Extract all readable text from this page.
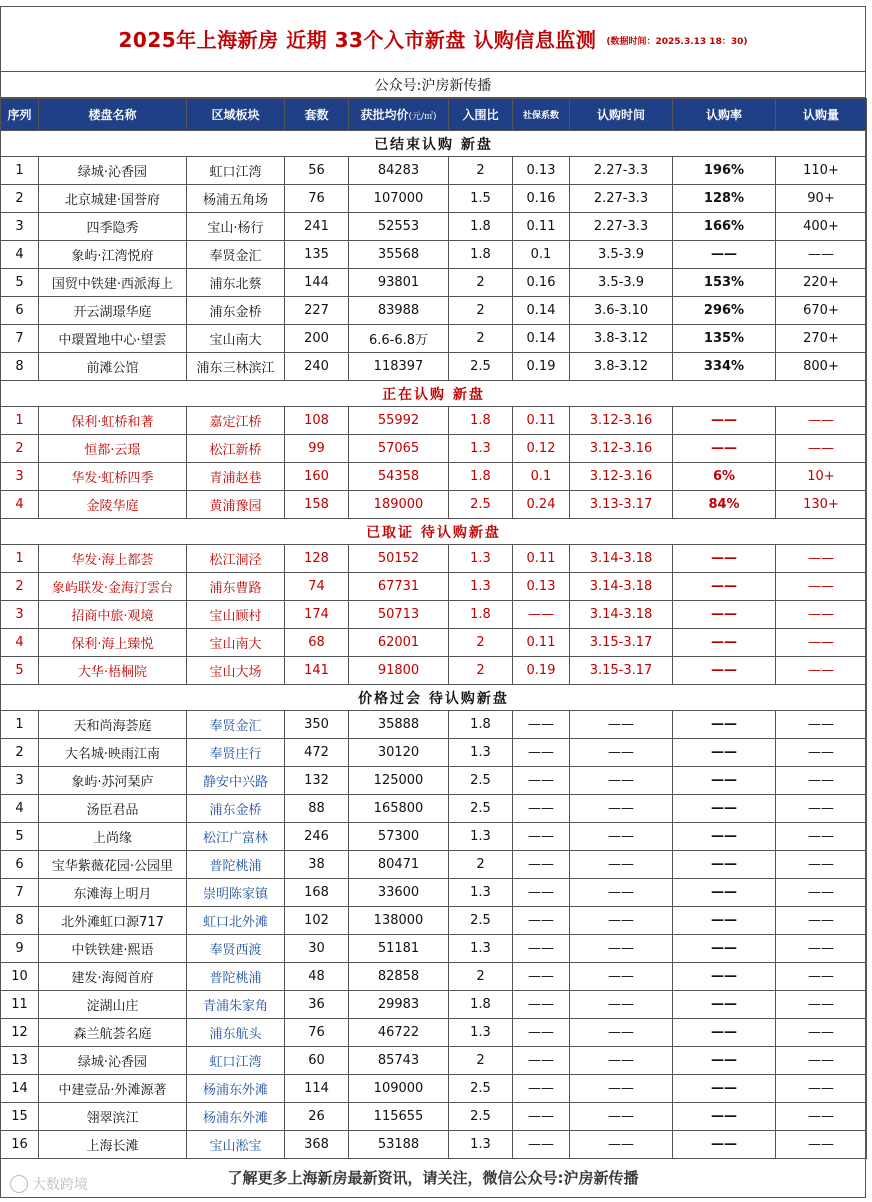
2025年上海新房 近期 33个入市新盘 认购信息监测 (数据时间：2025.3.13 18：30)
公众号:沪房新传播
序列	楼盘名称	区域板块	套数	获批均价(元/㎡)	入围比	社保系数	认购时间	认购率	认购量
已结束认购 新盘									
1	绿城·沁香园	虹口江湾	56	84283	2	0.13	2.27-3.3	196%	110+
2	北京城建·国誉府	杨浦五角场	76	107000	1.5	0.16	2.27-3.3	128%	90+
3	四季隐秀	宝山·杨行	241	52553	1.8	0.11	2.27-3.3	166%	400+
4	象屿·江湾悦府	奉贤金汇	135	35568	1.8	0.1	3.5-3.9	——	——
5	国贸中铁建·西派海上	浦东北蔡	144	93801	2	0.16	3.5-3.9	153%	220+
6	开云湖璟华庭	浦东金桥	227	83988	2	0.14	3.6-3.10	296%	670+
7	中環置地中心·望雲	宝山南大	200	6.6-6.8万	2	0.14	3.8-3.12	135%	270+
8	前滩公馆	浦东三林滨江	240	118397	2.5	0.19	3.8-3.12	334%	800+
正在认购 新盘									
1	保利·虹桥和著	嘉定江桥	108	55992	1.8	0.11	3.12-3.16	——	——
2	恒都·云璟	松江新桥	99	57065	1.3	0.12	3.12-3.16	——	——
3	华发·虹桥四季	青浦赵巷	160	54358	1.8	0.1	3.12-3.16	6%	10+
4	金陵华庭	黄浦豫园	158	189000	2.5	0.24	3.13-3.17	84%	130+
已取证 待认购新盘									
1	华发·海上都荟	松江洞泾	128	50152	1.3	0.11	3.14-3.18	——	——
2	象屿联发·金海汀雲台	浦东曹路	74	67731	1.3	0.13	3.14-3.18	——	——
3	招商中旅·观境	宝山顾村	174	50713	1.8	——	3.14-3.18	——	——
4	保利·海上臻悦	宝山南大	68	62001	2	0.11	3.15-3.17	——	——
5	大华·梧桐院	宝山大场	141	91800	2	0.19	3.15-3.17	——	——
价格过会 待认购新盘									
1	天和尚海荟庭	奉贤金汇	350	35888	1.8	——	——	——	——
2	大名城·映雨江南	奉贤庄行	472	30120	1.3	——	——	——	——
3	象屿·苏河琹庐	静安中兴路	132	125000	2.5	——	——	——	——
4	汤臣君品	浦东金桥	88	165800	2.5	——	——	——	——
5	上尚缘	松江广富林	246	57300	1.3	——	——	——	——
6	宝华紫薇花园·公园里	普陀桃浦	38	80471	2	——	——	——	——
7	东滩海上明月	崇明陈家镇	168	33600	1.3	——	——	——	——
8	北外滩虹口源717	虹口北外滩	102	138000	2.5	——	——	——	——
9	中铁铁建·熙语	奉贤西渡	30	51181	1.3	——	——	——	——
10	建发·海阅首府	普陀桃浦	48	82858	2	——	——	——	——
11	淀湖山庄	青浦朱家角	36	29983	1.8	——	——	——	——
12	森兰航荟名庭	浦东航头	76	46722	1.3	——	——	——	——
13	绿城·沁香园	虹口江湾	60	85743	2	——	——	——	——
14	中建壹品·外滩源著	杨浦东外滩	114	109000	2.5	——	——	——	——
15	翎翠滨江	杨浦东外滩	26	115655	2.5	——	——	——	——
16	上海长滩	宝山淞宝	368	53188	1.3	——	——	——	——
了解更多上海新房最新资讯，请关注，微信公众号:沪房新传播
大数跨境
